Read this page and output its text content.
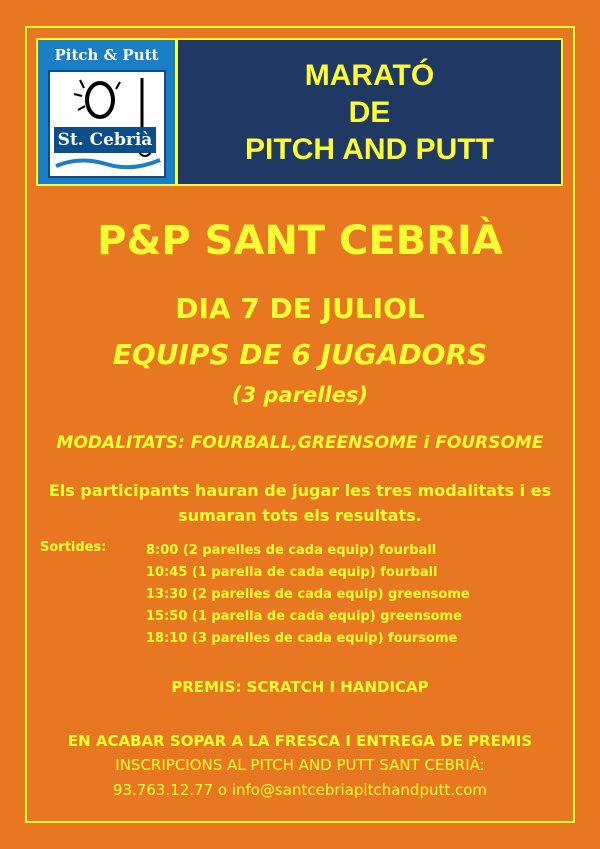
Pitch & Putt
St. Cebrià
MARATÓ
DE
PITCH AND PUTT
P&P SANT CEBRIÀ
DIA 7 DE JULIOL
EQUIPS DE 6 JUGADORS
(3 parelles)
MODALITATS: FOURBALL,GREENSOME i FOURSOME
Els participants hauran de jugar les tres modalitats i es
sumaran tots els resultats.
Sortides:	8:00 (2 parelles de cada equip) fourball
10:45 (1 parella de cada equip) fourball
13:30 (2 parelles de cada equip) greensome
15:50 (1 parella de cada equip) greensome
18:10 (3 parelles de cada equip) foursome
PREMIS: SCRATCH I HANDICAP
EN ACABAR SOPAR A LA FRESCA I ENTREGA DE PREMIS
INSCRIPCIONS AL PITCH AND PUTT SANT CEBRIÀ:
93.763.12.77 o info@santcebriapitchandputt.com
